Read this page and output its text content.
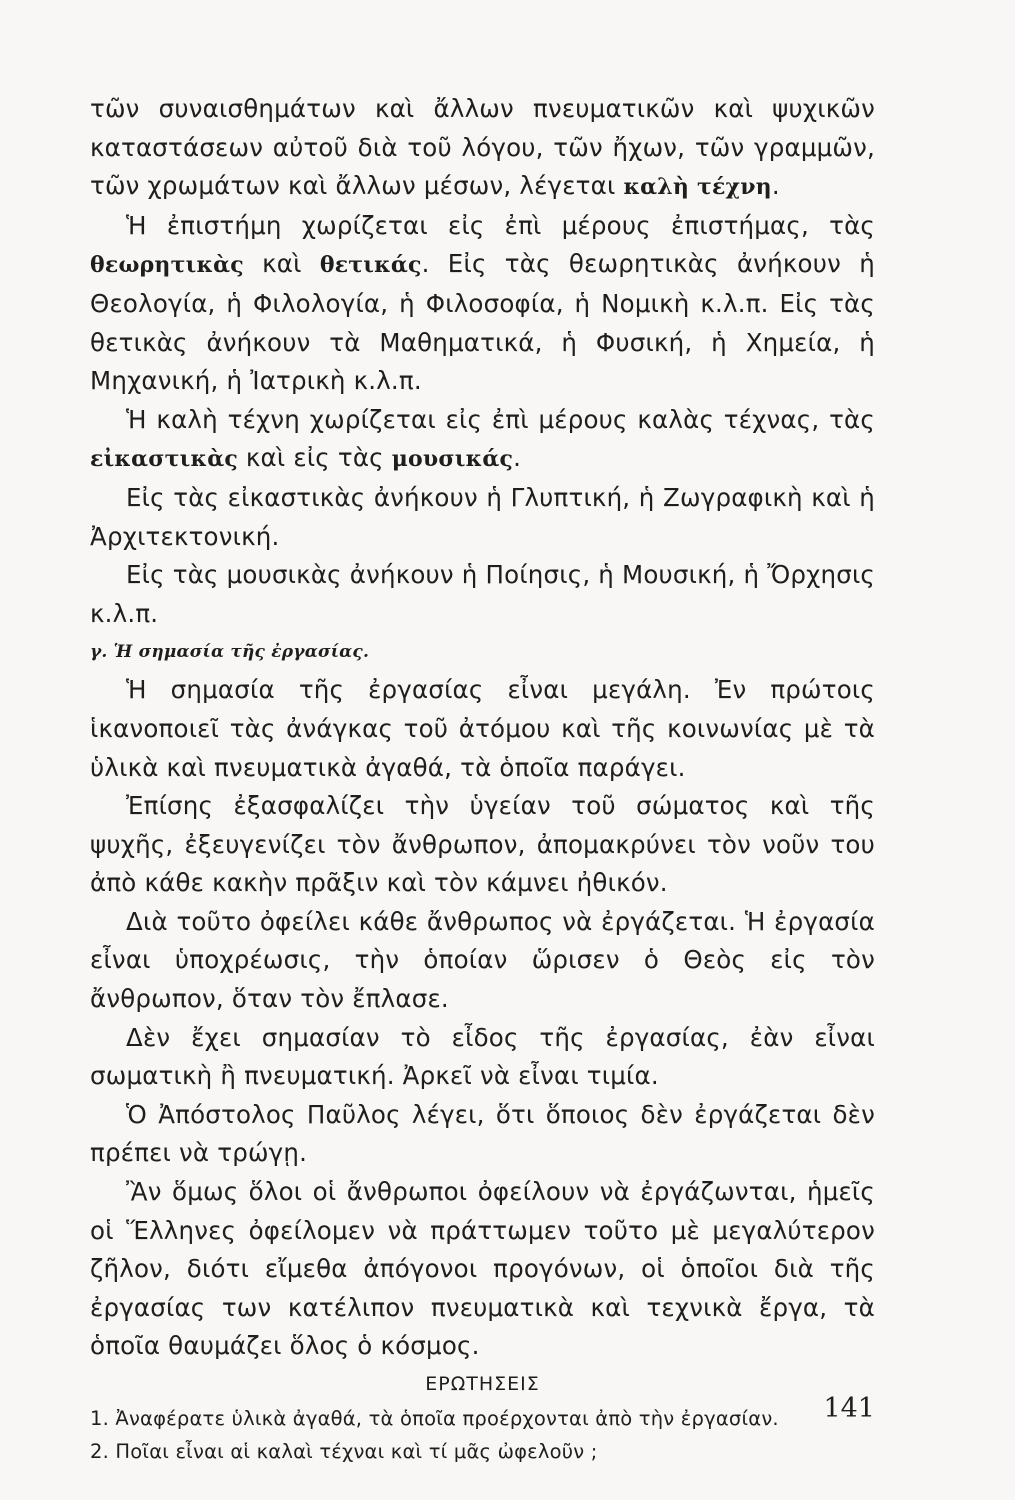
τῶν συναισθημάτων καὶ ἄλλων πνευματικῶν καὶ ψυχικῶν καταστάσεων αὐτοῦ διὰ τοῦ λόγου, τῶν ἤχων, τῶν γραμμῶν, τῶν χρωμάτων καὶ ἄλλων μέσων, λέγεται καλὴ τέχνη.

Ἡ ἐπιστήμη χωρίζεται εἰς ἐπὶ μέρους ἐπιστήμας, τὰς θεωρητικὰς καὶ θετικάς. Εἰς τὰς θεωρητικὰς ἀνήκουν ἡ Θεολογία, ἡ Φιλολογία, ἡ Φιλοσοφία, ἡ Νομικὴ κ.λ.π. Εἰς τὰς θετικὰς ἀνήκουν τὰ Μαθηματικά, ἡ Φυσική, ἡ Χημεία, ἡ Μηχανική, ἡ Ἰατρικὴ κ.λ.π.

Ἡ καλὴ τέχνη χωρίζεται εἰς ἐπὶ μέρους καλὰς τέχνας, τὰς εἰκαστικὰς καὶ εἰς τὰς μουσικάς.

Εἰς τὰς εἰκαστικὰς ἀνήκουν ἡ Γλυπτική, ἡ Ζωγραφικὴ καὶ ἡ Ἀρχιτεκτονική.

Εἰς τὰς μουσικὰς ἀνήκουν ἡ Ποίησις, ἡ Μουσική, ἡ Ὄρχησις κ.λ.π.

γ. Ἡ σημασία τῆς ἐργασίας.

Ἡ σημασία τῆς ἐργασίας εἶναι μεγάλη. Ἐν πρώτοις ἱκανοποιεῖ τὰς ἀνάγκας τοῦ ἀτόμου καὶ τῆς κοινωνίας μὲ τὰ ὑλικὰ καὶ πνευματικὰ ἀγαθά, τὰ ὁποῖα παράγει.

Ἐπίσης ἐξασφαλίζει τὴν ὑγείαν τοῦ σώματος καὶ τῆς ψυχῆς, ἐξευγενίζει τὸν ἄνθρωπον, ἀπομακρύνει τὸν νοῦν του ἀπὸ κάθε κακὴν πρᾶξιν καὶ τὸν κάμνει ἠθικόν.

Διὰ τοῦτο ὀφείλει κάθε ἄνθρωπος νὰ ἐργάζεται. Ἡ ἐργασία εἶναι ὑποχρέωσις, τὴν ὁποίαν ὥρισεν ὁ Θεὸς εἰς τὸν ἄνθρωπον, ὅταν τὸν ἔπλασε.

Δὲν ἔχει σημασίαν τὸ εἶδος τῆς ἐργασίας, ἐὰν εἶναι σωματικὴ ἢ πνευματική. Ἀρκεῖ νὰ εἶναι τιμία.

Ὁ Ἀπόστολος Παῦλος λέγει, ὅτι ὅποιος δὲν ἐργάζεται δὲν πρέπει νὰ τρώγῃ.

Ἂν ὅμως ὅλοι οἱ ἄνθρωποι ὀφείλουν νὰ ἐργάζωνται, ἡμεῖς οἱ Ἕλληνες ὀφείλομεν νὰ πράττωμεν τοῦτο μὲ μεγαλύτερον ζῆλον, διότι εἴμεθα ἀπόγονοι προγόνων, οἱ ὁποῖοι διὰ τῆς ἐργασίας των κατέλιπον πνευματικὰ καὶ τεχνικὰ ἔργα, τὰ ὁποῖα θαυμάζει ὅλος ὁ κόσμος.

ΕΡΩΤΗΣΕΙΣ

1. Ἀναφέρατε ὑλικὰ ἀγαθά, τὰ ὁποῖα προέρχονται ἀπὸ τὴν ἐργασίαν.

2. Ποῖαι εἶναι αἱ καλαὶ τέχναι καὶ τί μᾶς ὠφελοῦν ;

141
